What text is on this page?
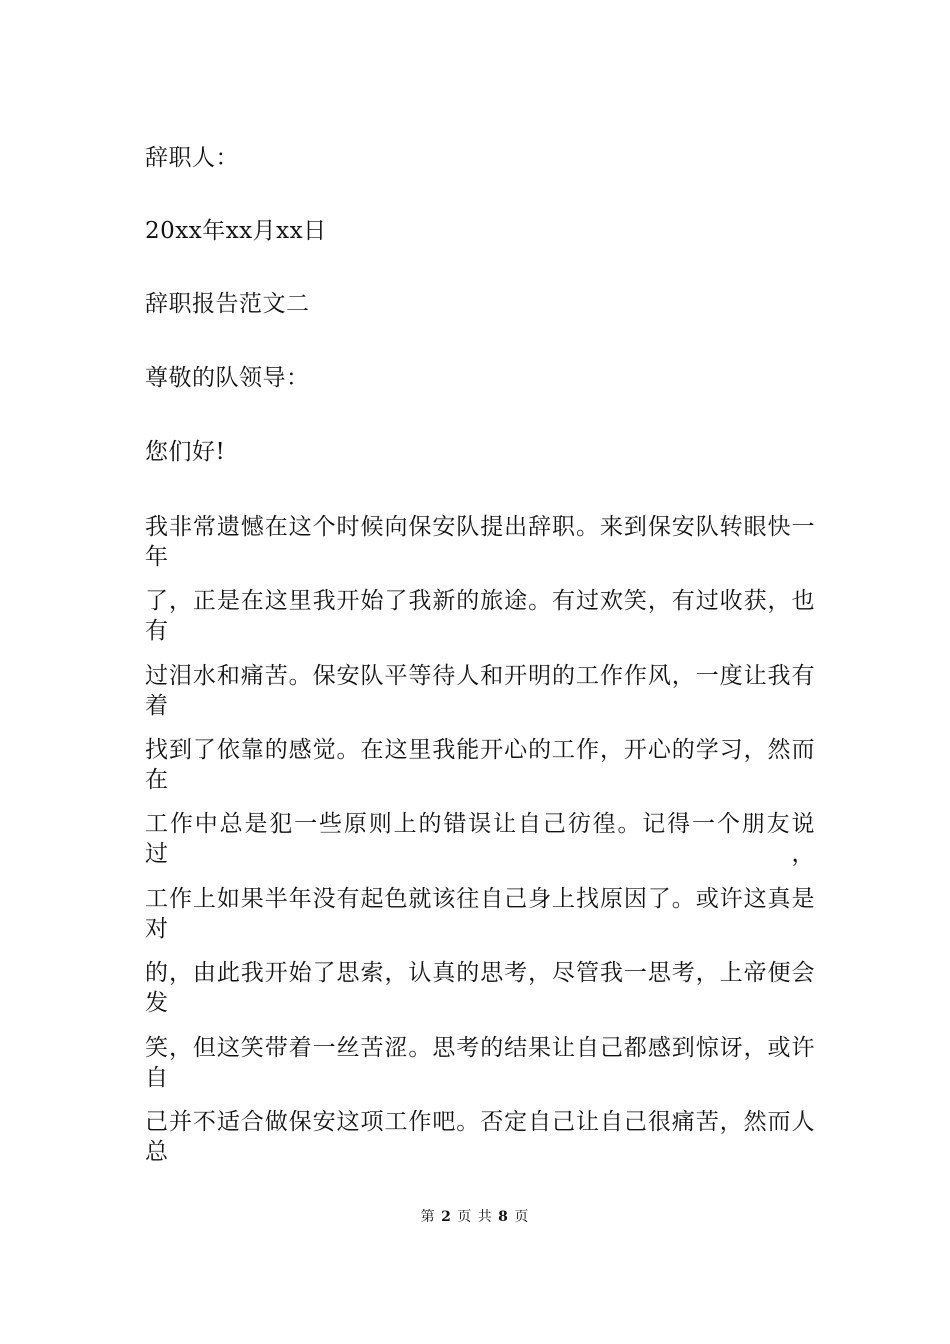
辞职人：
20xx年xx月xx日
辞职报告范文二
尊敬的队领导：
您们好!
我非常遗憾在这个时候向保安队提出辞职。来到保安队转眼快一年
了，正是在这里我开始了我新的旅途。有过欢笑，有过收获，也有
过泪水和痛苦。保安队平等待人和开明的工作作风，一度让我有着
找到了依靠的感觉。在这里我能开心的工作，开心的学习，然而在
工作中总是犯一些原则上的错误让自己彷徨。记得一个朋友说过，
工作上如果半年没有起色就该往自己身上找原因了。或许这真是对
的，由此我开始了思索，认真的思考，尽管我一思考，上帝便会发
笑，但这笑带着一丝苦涩。思考的结果让自己都感到惊讶，或许自
己并不适合做保安这项工作吧。否定自己让自己很痛苦，然而人总
第 2 页 共 8 页
